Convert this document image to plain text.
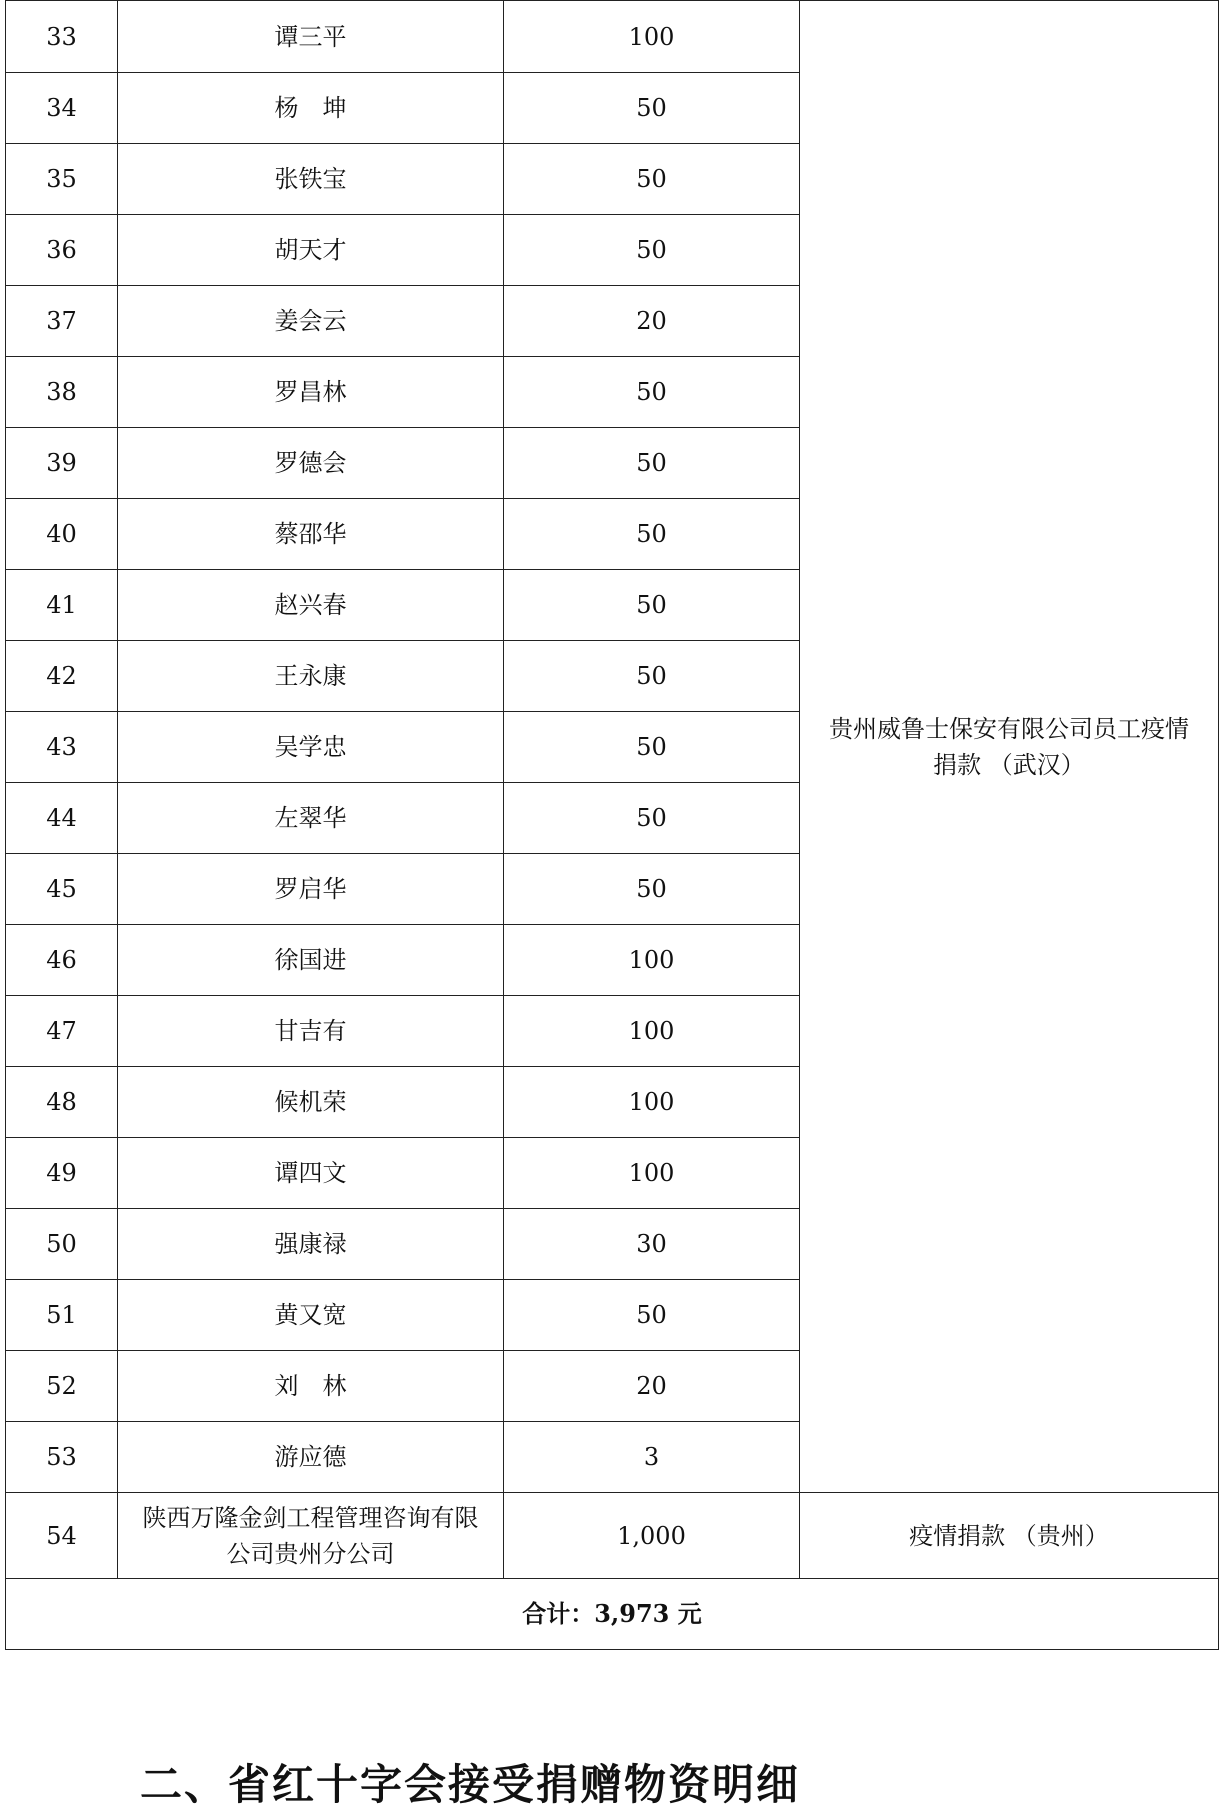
33	谭三平	100	贵州威鲁士保安有限公司员工疫情
捐款 （武汉）

34	杨　坤	50	
35	张铁宝	50	
36	胡天才	50	
37	姜会云	20	
38	罗昌林	50	
39	罗德会	50	
40	蔡邵华	50	
41	赵兴春	50	
42	王永康	50	
43	吴学忠	50	
44	左翠华	50	
45	罗启华	50	
46	徐国进	100	
47	甘吉有	100	
48	候机荣	100	
49	谭四文	100	
50	强康禄	30	
51	黄又宽	50	
52	刘　林	20	
53	游应德	3	
54	陕西万隆金剑工程管理咨询有限
公司贵州分公司	1,000	疫情捐款 （贵州）
合计：3,973 元			
二、省红十字会接受捐赠物资明细
